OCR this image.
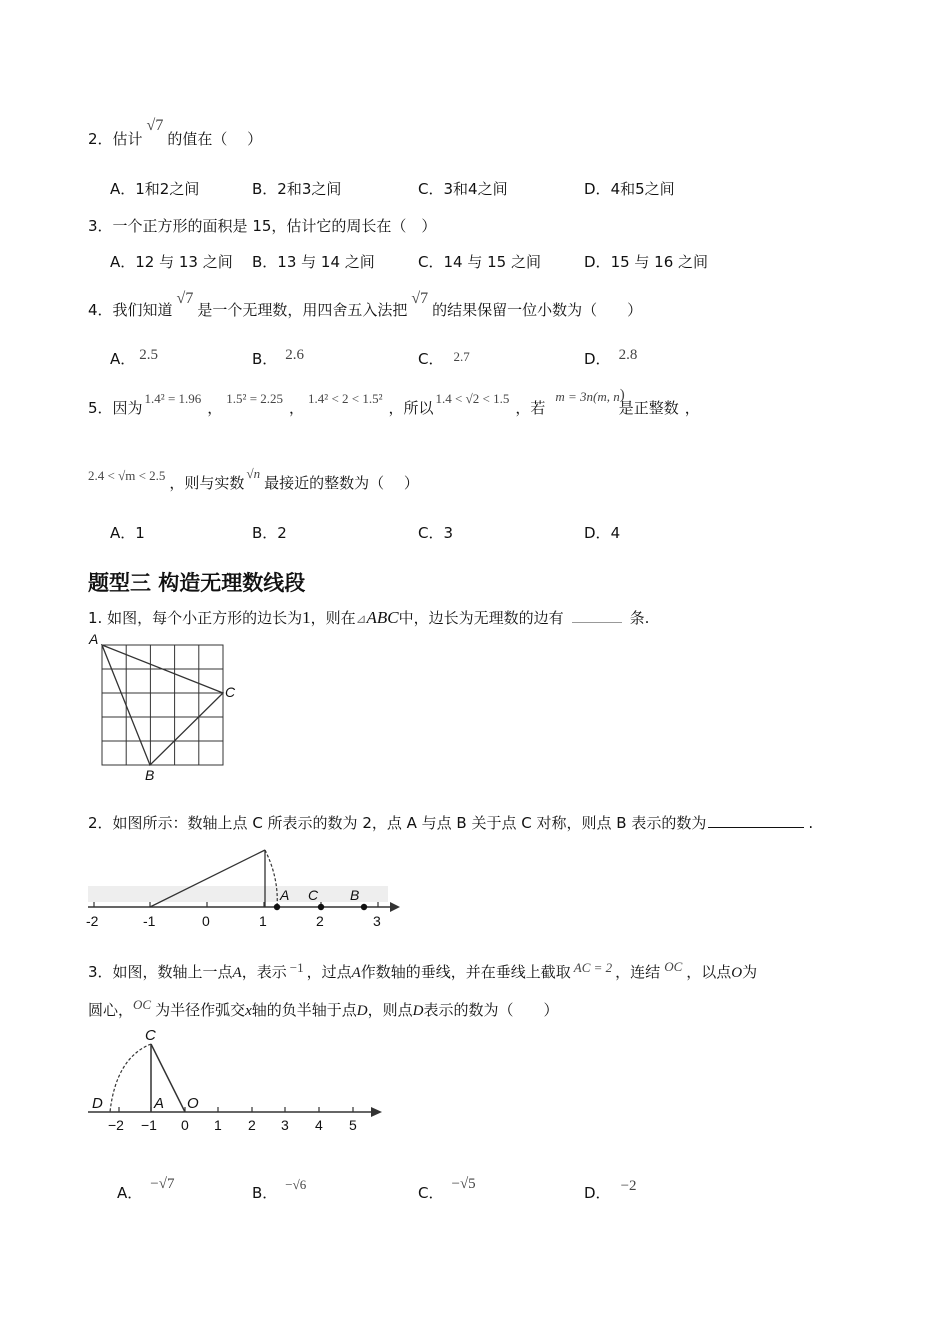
2．估计√7的值在（　 ）
A．1和2之间	B．2和3之间	C．3和4之间	D．4和5之间
3．一个正方形的面积是 15，估计它的周长在（　）
A．12 与 13 之间 B．13 与 14 之间	C．14 与 15 之间	D．15 与 16 之间
4．我们知道√7是一个无理数，用四舍五入法把√7的结果保留一位小数为（　　）
A． 2.5	B． 2.6	C． 2.7	D． 2.8
5．因为1.4² = 1.96，1.5² = 2.25，1.4² < 2 < 1.5²，所以1.4 < √2 < 1.5，若m = 3n(m, n)是正整数 ，
2.4 < √m < 2.5 ，则与实数√n最接近的整数为（　 ）
A．1	B．2	C．3	D．4
题型三 构造无理数线段
1. 如图，每个小正方形的边长为1，则在⊿ABC中，边长为无理数的边有	条.
A
C
B
2．如图所示：数轴上点 C 所表示的数为 2，点 A 与点 B 关于点 C 对称，则点 B 表示的数为	.
A C B
-2	-1	0	1	2	3
3．如图，数轴上一点A，表示 −1 ，过点A作数轴的垂线，并在垂线上截取 AC = 2 ，连结 OC ，以点O为
圆心，OC 为半径作弧交x轴的负半轴于点D，则点D表示的数为（　　）
C
D	A O
−2 −1 0 1 2 3 4 5
A． −√7	B． −√6	C． −√5	D． −2
